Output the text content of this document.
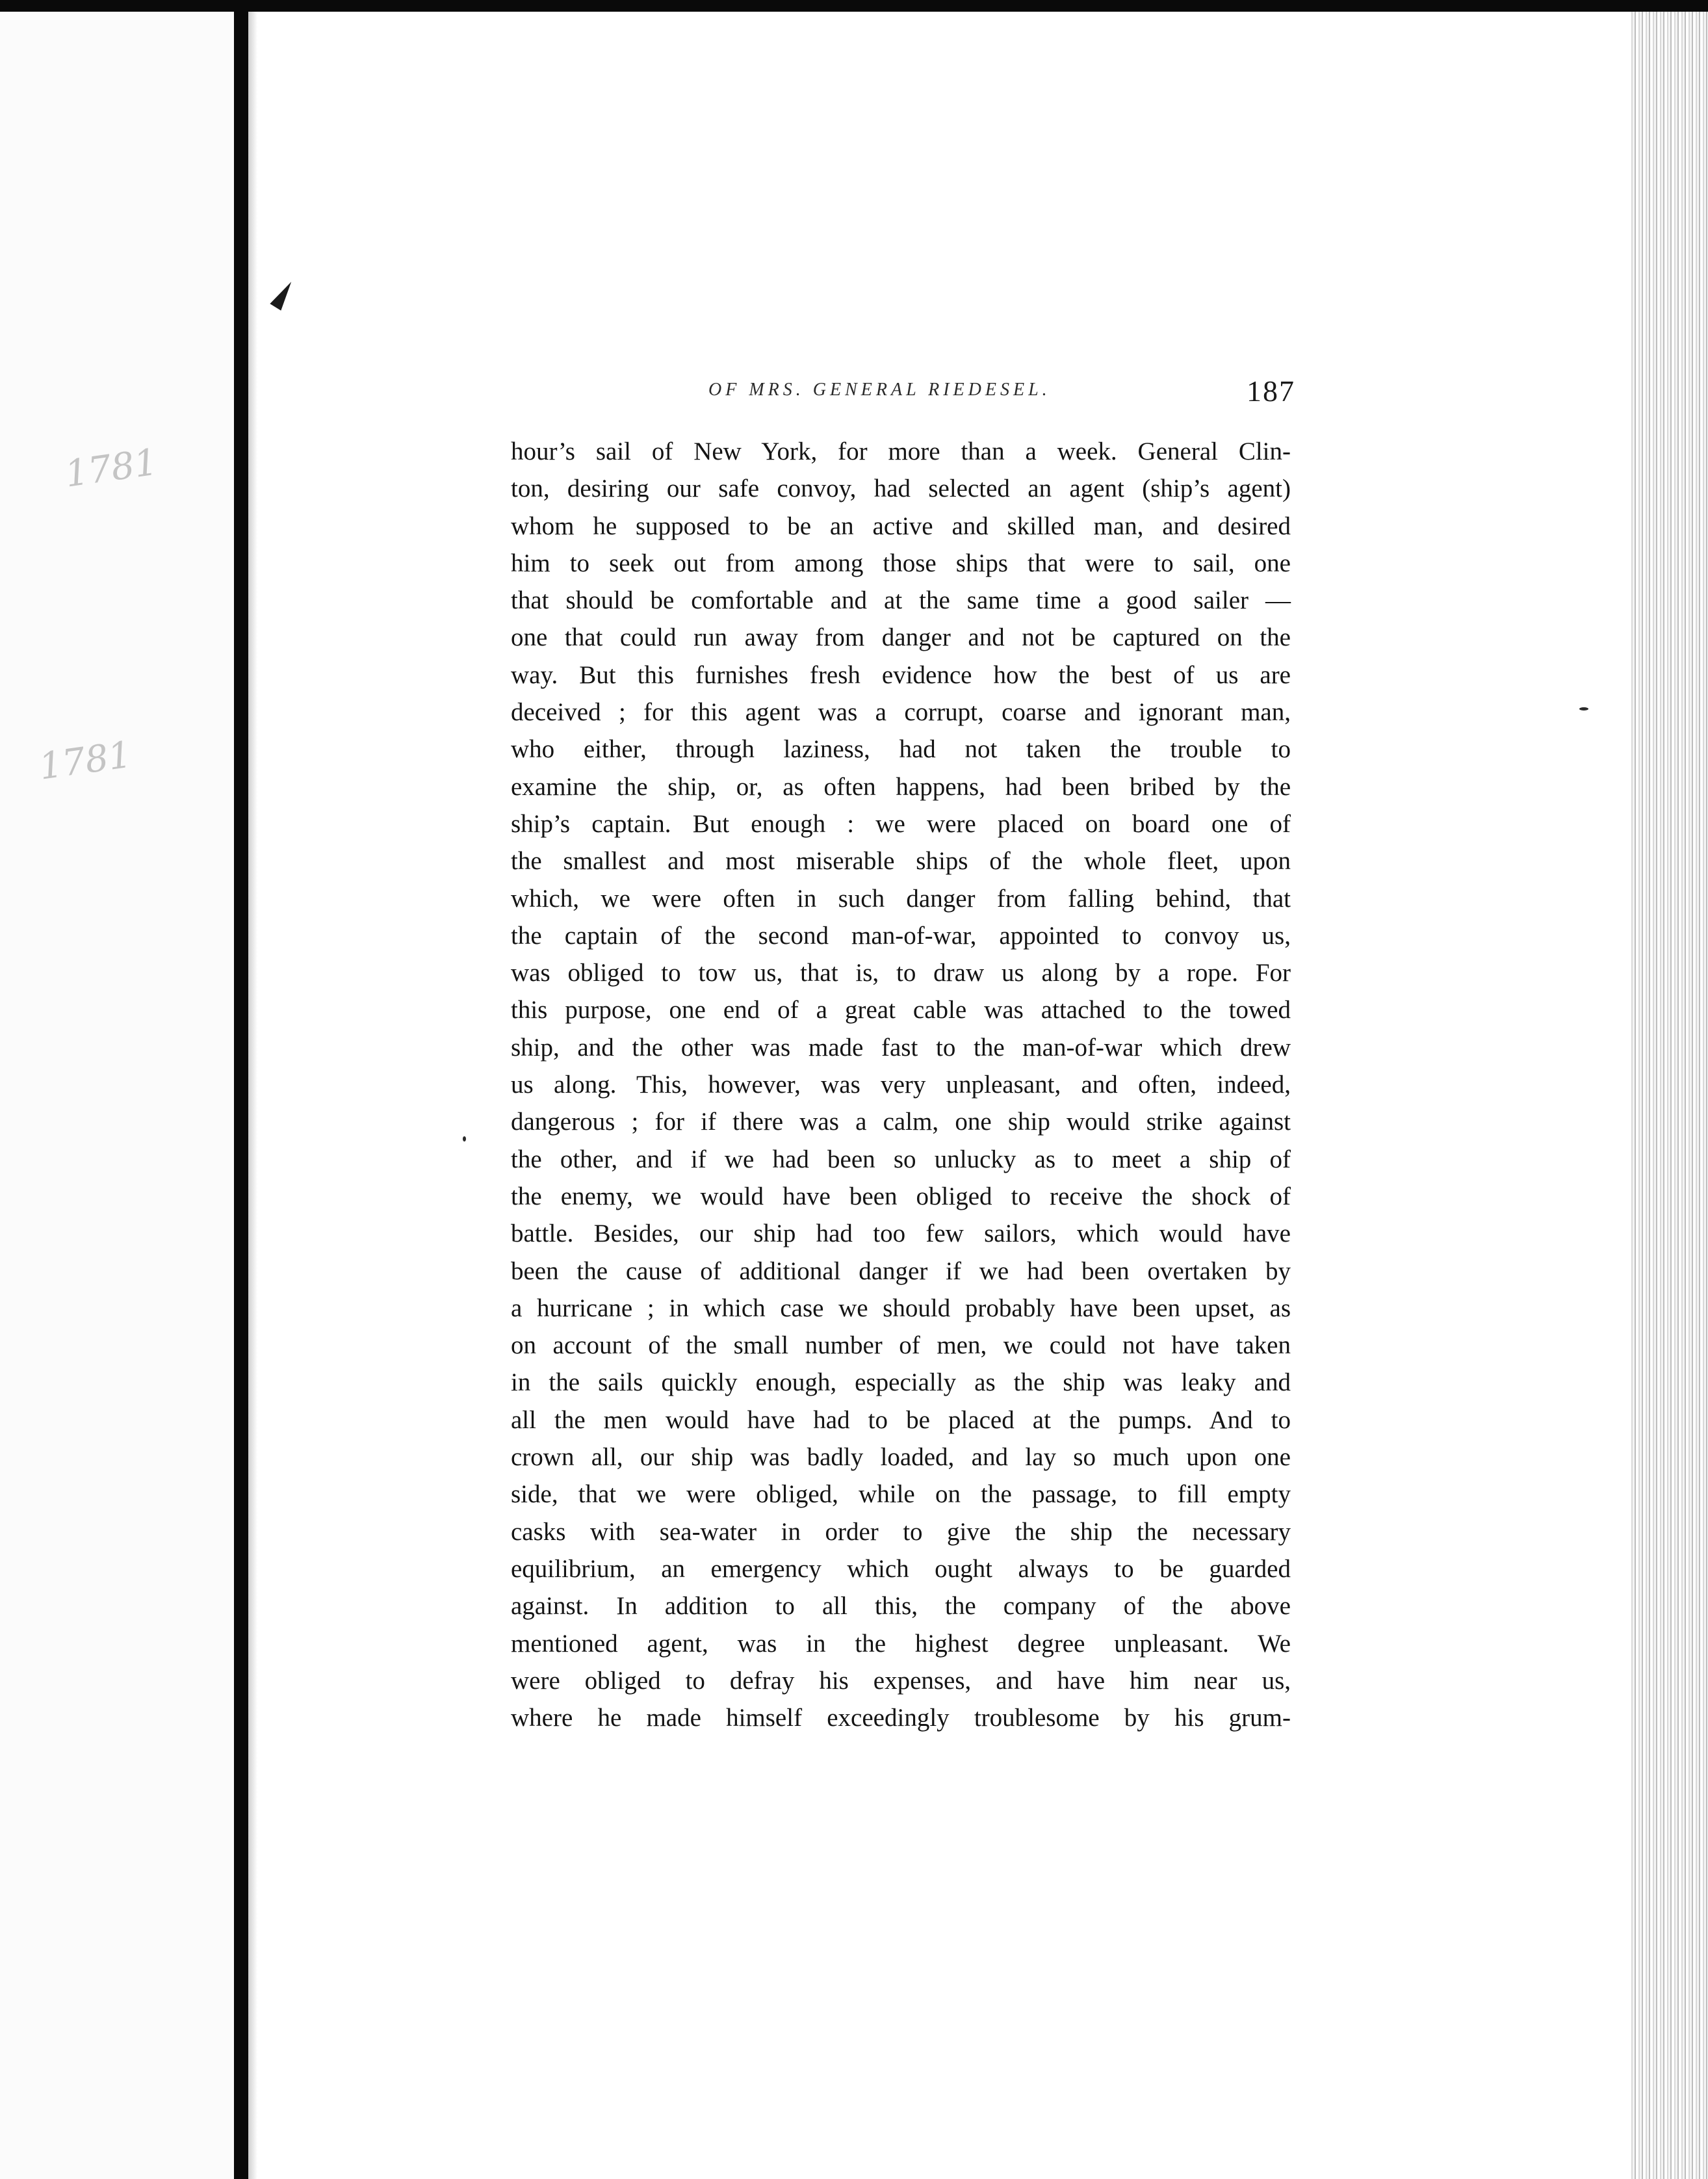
1781
1781
OF MRS. GENERAL RIEDESEL.	187
hour’s sail of New York, for more than a week. General Clin-
ton, desiring our safe convoy, had selected an agent (ship’s agent)
whom he supposed to be an active and skilled man, and desired
him to seek out from among those ships that were to sail, one
that should be comfortable and at the same time a good sailer —
one that could run away from danger and not be captured on the
way. But this furnishes fresh evidence how the best of us are
deceived ; for this agent was a corrupt, coarse and ignorant man,
who either, through laziness, had not taken the trouble to
examine the ship, or, as often happens, had been bribed by the
ship’s captain. But enough : we were placed on board one of
the smallest and most miserable ships of the whole fleet, upon
which, we were often in such danger from falling behind, that
the captain of the second man-of-war, appointed to convoy us,
was obliged to tow us, that is, to draw us along by a rope. For
this purpose, one end of a great cable was attached to the towed
ship, and the other was made fast to the man-of-war which drew
us along. This, however, was very unpleasant, and often, indeed,
dangerous ; for if there was a calm, one ship would strike against
the other, and if we had been so unlucky as to meet a ship of
the enemy, we would have been obliged to receive the shock of
battle. Besides, our ship had too few sailors, which would have
been the cause of additional danger if we had been overtaken by
a hurricane ; in which case we should probably have been upset, as
on account of the small number of men, we could not have taken
in the sails quickly enough, especially as the ship was leaky and
all the men would have had to be placed at the pumps. And to
crown all, our ship was badly loaded, and lay so much upon one
side, that we were obliged, while on the passage, to fill empty
casks with sea-water in order to give the ship the necessary
equilibrium, an emergency which ought always to be guarded
against. In addition to all this, the company of the above
mentioned agent, was in the highest degree unpleasant. We
were obliged to defray his expenses, and have him near us,
where he made himself exceedingly troublesome by his grum-
